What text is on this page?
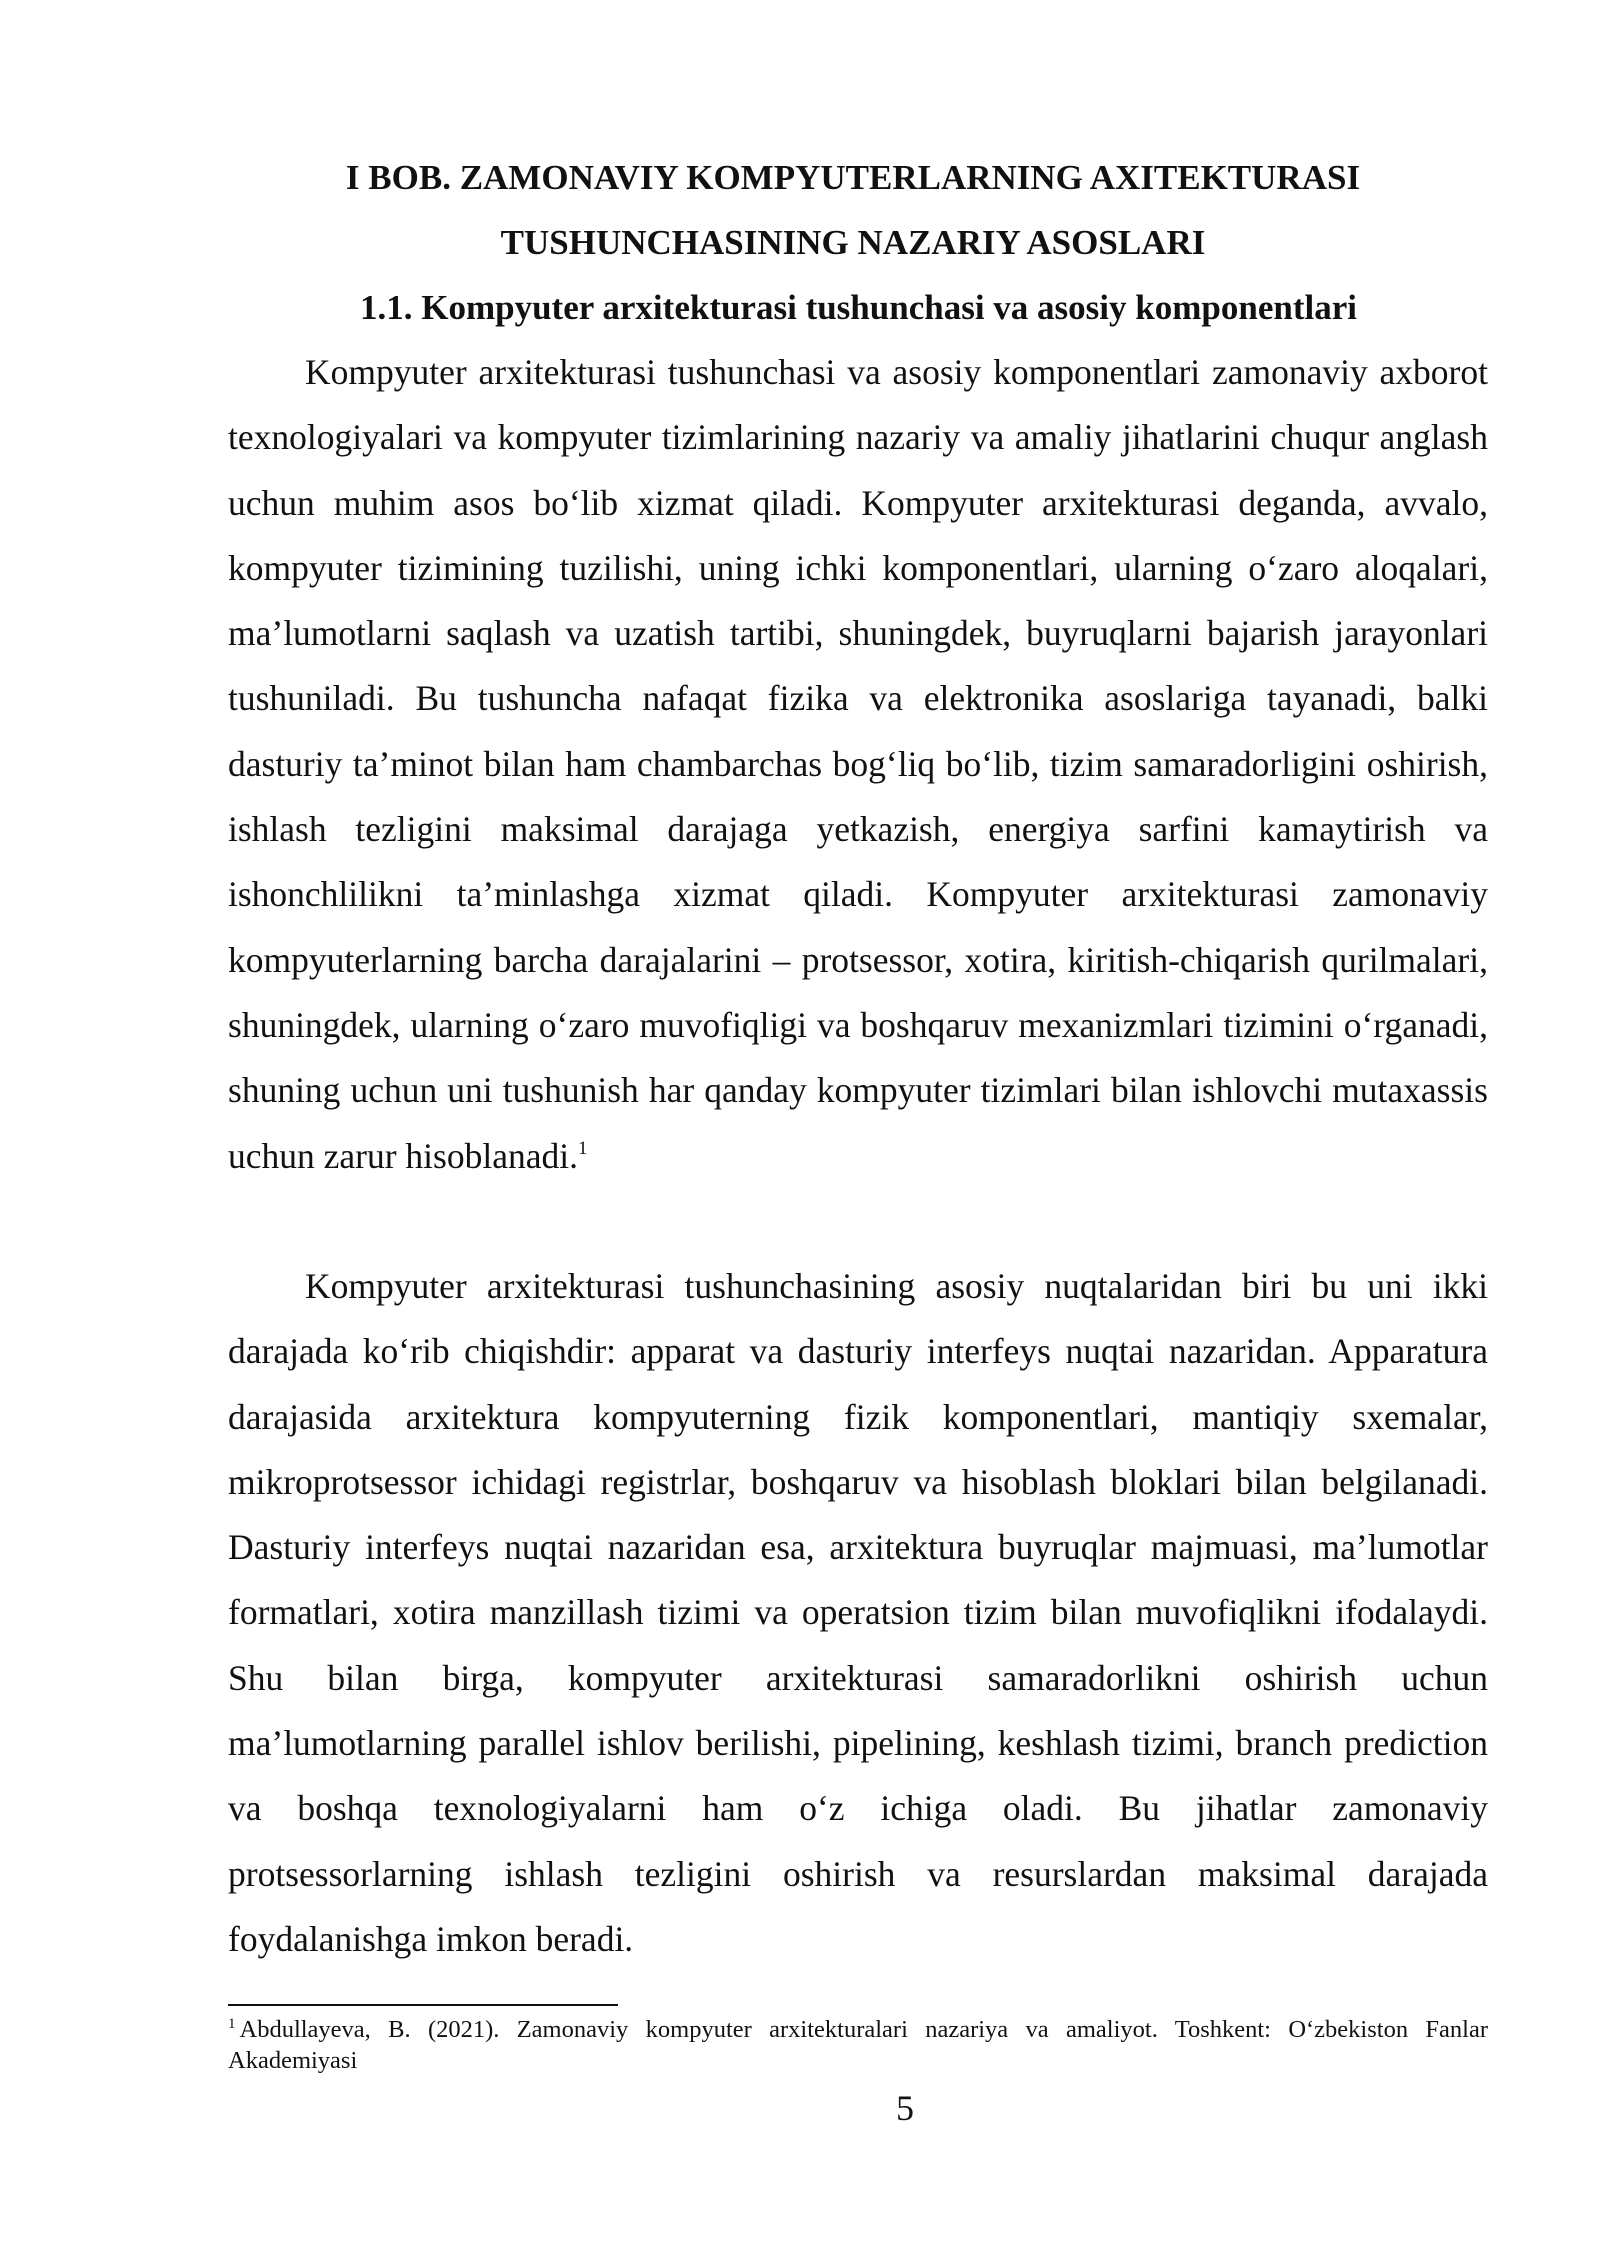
I BOB. ZAMONAVIY KOMPYUTERLARNING AXITEKTURASI
TUSHUNCHASINING NAZARIY ASOSLARI
1.1. Kompyuter arxitekturasi tushunchasi va asosiy komponentlari

Kompyuter arxitekturasi tushunchasi va asosiy komponentlari zamonaviy axborot texnologiyalari va kompyuter tizimlarining nazariy va amaliy jihatlarini chuqur anglash uchun muhim asos bo‘lib xizmat qiladi. Kompyuter arxitekturasi deganda, avvalo, kompyuter tizimining tuzilishi, uning ichki komponentlari, ularning o‘zaro aloqalari, ma’lumotlarni saqlash va uzatish tartibi, shuningdek, buyruqlarni bajarish jarayonlari tushuniladi. Bu tushuncha nafaqat fizika va elektronika asoslariga tayanadi, balki dasturiy ta’minot bilan ham chambarchas bog‘liq bo‘lib, tizim samaradorligini oshirish, ishlash tezligini maksimal darajaga yetkazish, energiya sarfini kamaytirish va ishonchlilikni ta’minlashga xizmat qiladi. Kompyuter arxitekturasi zamonaviy kompyuterlarning barcha darajalarini – protsessor, xotira, kiritish-chiqarish qurilmalari, shuningdek, ularning o‘zaro muvofiqligi va boshqaruv mexanizmlari tizimini o‘rganadi, shuning uchun uni tushunish har qanday kompyuter tizimlari bilan ishlovchi mutaxassis uchun zarur hisoblanadi.$^1$

Kompyuter arxitekturasi tushunchasining asosiy nuqtalaridan biri bu uni ikki darajada ko‘rib chiqishdir: apparat va dasturiy interfeys nuqtai nazaridan. Apparatura darajasida arxitektura kompyuterning fizik komponentlari, mantiqiy sxemalar, mikroprotsessor ichidagi registrlar, boshqaruv va hisoblash bloklari bilan belgilanadi. Dasturiy interfeys nuqtai nazaridan esa, arxitektura buyruqlar majmuasi, ma’lumotlar formatlari, xotira manzillash tizimi va operatsion tizim bilan muvofiqlikni ifodalaydi. Shu bilan birga, kompyuter arxitekturasi samaradorlikni oshirish uchun ma’lumotlarning parallel ishlov berilishi, pipelining, keshlash tizimi, branch prediction va boshqa texnologiyalarni ham o‘z ichiga oladi. Bu jihatlar zamonaviy protsessorlarning ishlash tezligini oshirish va resurslardan maksimal darajada foydalanishga imkon beradi.

$^1$ Abdullayeva, B. (2021). Zamonaviy kompyuter arxitekturalari nazariya va amaliyot. Toshkent: O‘zbekiston Fanlar Akademiyasi

5
